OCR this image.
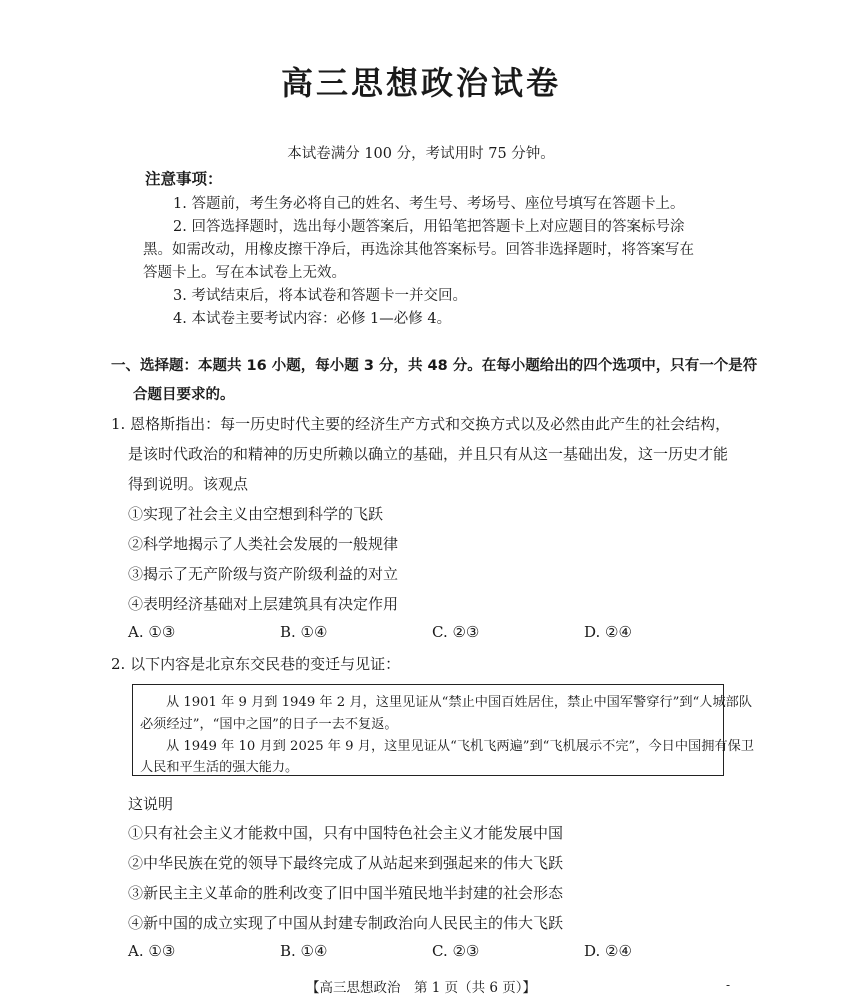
高三思想政治试卷
本试卷满分 100 分，考试用时 75 分钟。
注意事项：
1. 答题前，考生务必将自己的姓名、考生号、考场号、座位号填写在答题卡上。
2. 回答选择题时，选出每小题答案后，用铅笔把答题卡上对应题目的答案标号涂
黑。如需改动，用橡皮擦干净后，再选涂其他答案标号。回答非选择题时，将答案写在
答题卡上。写在本试卷上无效。
3. 考试结束后，将本试卷和答题卡一并交回。
4. 本试卷主要考试内容：必修 1—必修 4。
一、选择题：本题共 16 小题，每小题 3 分，共 48 分。在每小题给出的四个选项中，只有一个是符
合题目要求的。
1. 恩格斯指出：每一历史时代主要的经济生产方式和交换方式以及必然由此产生的社会结构，
是该时代政治的和精神的历史所赖以确立的基础，并且只有从这一基础出发，这一历史才能
得到说明。该观点
①实现了社会主义由空想到科学的飞跃
②科学地揭示了人类社会发展的一般规律
③揭示了无产阶级与资产阶级利益的对立
④表明经济基础对上层建筑具有决定作用
A. ①③	B. ①④	C. ②③	D. ②④
2. 以下内容是北京东交民巷的变迁与见证：
从 1901 年 9 月到 1949 年 2 月，这里见证从“禁止中国百姓居住，禁止中国军警穿行”到“人城部队
必须经过”，“国中之国”的日子一去不复返。
从 1949 年 10 月到 2025 年 9 月，这里见证从“飞机飞两遍”到“飞机展示不完”，今日中国拥有保卫
人民和平生活的强大能力。
这说明
①只有社会主义才能救中国，只有中国特色社会主义才能发展中国
②中华民族在党的领导下最终完成了从站起来到强起来的伟大飞跃
③新民主主义革命的胜利改变了旧中国半殖民地半封建的社会形态
④新中国的成立实现了中国从封建专制政治向人民民主的伟大飞跃
A. ①③	B. ①④	C. ②③	D. ②④
【高三思想政治　第 1 页（共 6 页）】	-
